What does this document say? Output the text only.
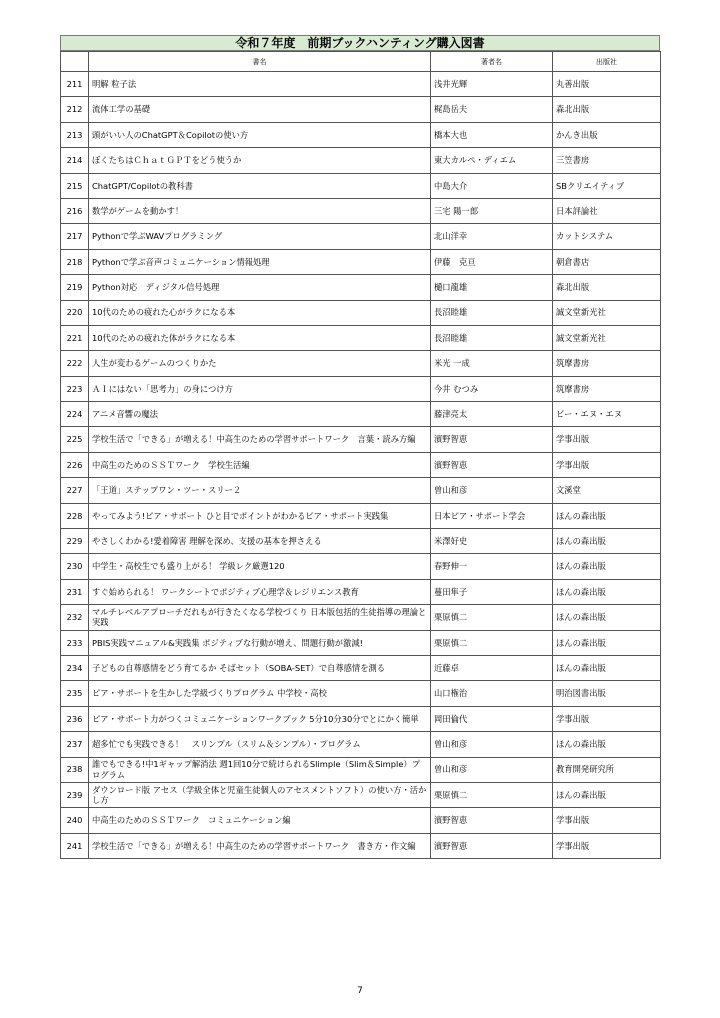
令和７年度　前期ブックハンティング購入図書
	書名	著者名	出版社
211	明解 粒子法	浅井光輝	丸善出版
212	流体工学の基礎	梶島岳夫	森北出版
213	頭がいい人のChatGPT＆Copilotの使い方	橋本大也	かんき出版
214	ぼくたちはＣｈａｔＧＰＴをどう使うか	東大カルペ・ディエム	三笠書房
215	ChatGPT/Copilotの教科書	中島大介	SBクリエイティブ
216	数学がゲームを動かす！	三宅 陽一郎	日本評論社
217	Pythonで学ぶWAVプログラミング	北山洋幸	カットシステム
218	Pythonで学ぶ音声コミュニケーション情報処理	伊藤　克亘	朝倉書店
219	Python対応　ディジタル信号処理	樋口龍雄	森北出版
220	10代のための疲れた心がラクになる本	長沼睦雄	誠文堂新光社
221	10代のための疲れた体がラクになる本	長沼睦雄	誠文堂新光社
222	人生が変わるゲームのつくりかた	米光 一成	筑摩書房
223	ＡＩにはない「思考力」の身につけ方	今井 むつみ	筑摩書房
224	アニメ音響の魔法	藤津亮太	ビー・エヌ・エヌ
225	学校生活で「できる」が増える！中高生のための学習サポートワーク　言葉・読み方編	濱野智恵	学事出版
226	中高生のためのＳＳＴワーク　学校生活編	濱野智恵	学事出版
227	「王道」ステップワン・ツー・スリー２	曽山和彦	文溪堂
228	やってみよう!ピア・サポート ひと目でポイントがわかるピア・サポート実践集	日本ピア・サポート学会	ほんの森出版
229	やさしくわかる!愛着障害 理解を深め、支援の基本を押さえる	米澤好史	ほんの森出版
230	中学生・高校生でも盛り上がる！ 学級レク厳選120	春野伸一	ほんの森出版
231	すぐ始められる！ ワークシートでポジティブ心理学＆レジリエンス教育	蔓田隼子	ほんの森出版
232	マルチレベルアプローチだれもが行きたくなる学校づくり 日本版包括的生徒指導の理論と実践	栗原慎二	ほんの森出版
233	PBIS実践マニュアル&実践集 ポジティブな行動が増え、問題行動が激減!	栗原慎二	ほんの森出版
234	子どもの自尊感情をどう育てるか そばセット（SOBA-SET）で自尊感情を測る	近藤卓	ほんの森出版
235	ピア・サポートを生かした学級づくりプログラム 中学校・高校	山口権治	明治図書出版
236	ピア・サポート力がつくコミュニケーションワークブック 5分10分30分でとにかく簡単	岡田倫代	学事出版
237	超多忙でも実践できる！　スリンプル（スリム＆シンプル）・プログラム	曽山和彦	ほんの森出版
238	誰でもできる!中1ギャップ解消法 週1回10分で続けられるSlimple（Slim＆Simple）プログラム	曽山和彦	教育開発研究所
239	ダウンロード版 アセス（学級全体と児童生徒個人のアセスメントソフト）の使い方・活かし方	栗原慎二	ほんの森出版
240	中高生のためのＳＳＴワーク　コミュニケーション編	濱野智恵	学事出版
241	学校生活で「できる」が増える！中高生のための学習サポートワーク　書き方・作文編	濱野智恵	学事出版
7
